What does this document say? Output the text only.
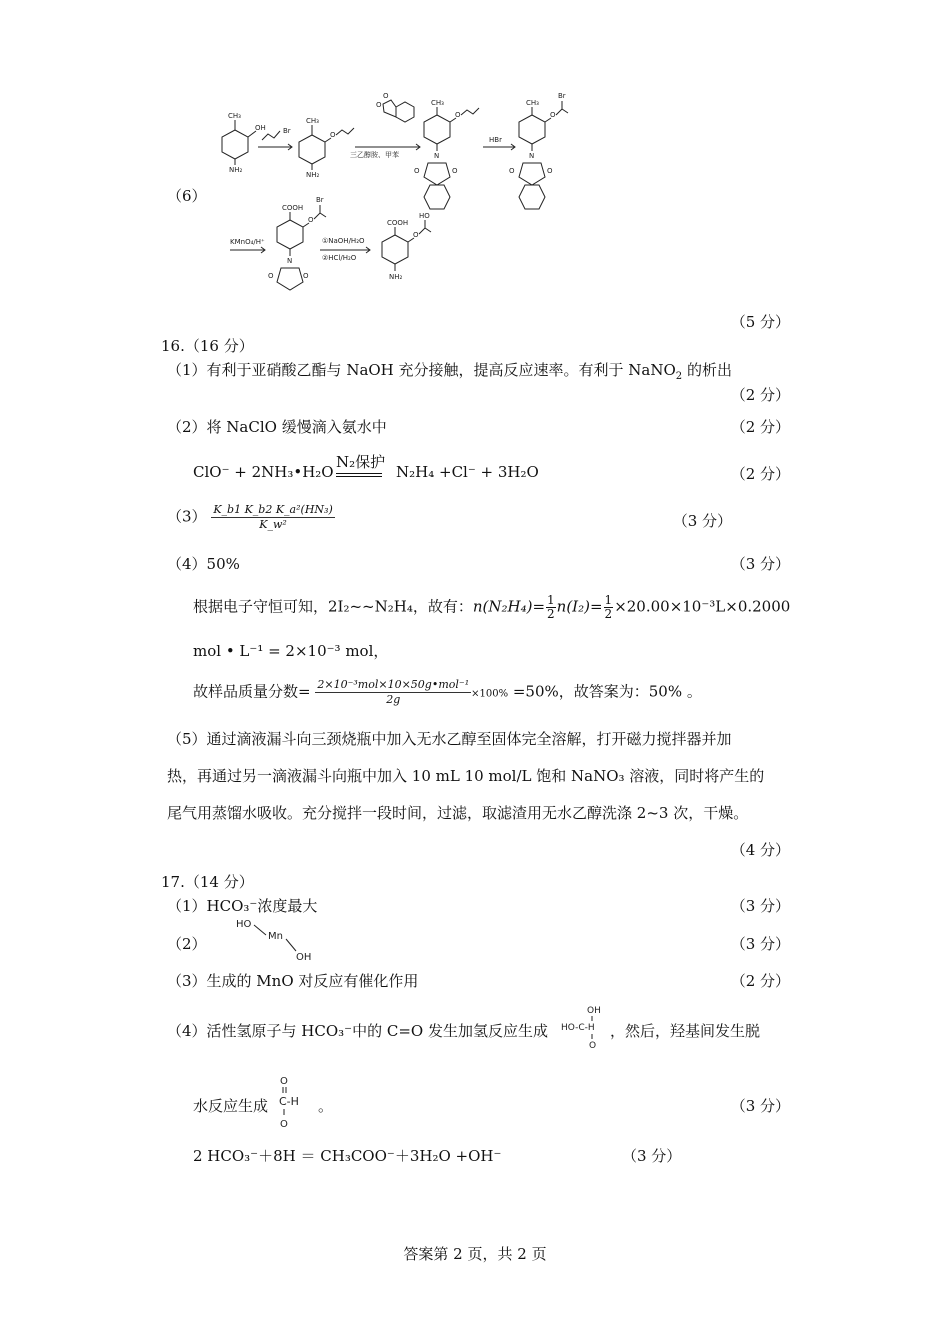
（6）
CH₃
OH
NH₂
Br
CH₃
O
NH₂
O
O
三乙醇胺、甲苯
CH₃
O
N
O	O
HBr
CH₃
O
Br
N
O	O
KMnO₄/H⁺
COOH
O
Br
N
O	O
①NaOH/H₂O
②HCl/H₂O
COOH
O
HO
NH₂
（5 分）
16.（16 分）
（1）有利于亚硝酸乙酯与 NaOH 充分接触，提高反应速率。有利于 NaNO$_2$ 的析出
（2 分）
（2）将 NaClO 缓慢滴入氨水中	（2 分）
ClO⁻ + 2NH₃•H₂O
N₂保护
N₂H₄ +Cl⁻ + 3H₂O	（2 分）
$(3) \frac{\text{K\_b1 K\_b2 K\_a²(HN₃)}}{\text{K\_w²}}$	（3 分）
（4）50%	（3 分）
根据电子守恒可知，2I₂~~N₂H₄，故有：$n(N_2H_4)= \frac{1}{2} n(I_2)= \frac{1}{2} \times 20.00\times 10^{-3}L\times 0.2000$
mol • L⁻¹ = 2×10⁻³ mol，
故样品质量分数= 2×10⁻³mol×10×50g•mol⁻¹
2g	×100% =50%，故答案为：50% 。
（5）通过滴液漏斗向三颈烧瓶中加入无水乙醇至固体完全溶解，打开磁力搅拌器并加
热，再通过另一滴液漏斗向瓶中加入 10 mL 10 mol/L 饱和 NaNO₃ 溶液，同时将产生的
尾气用蒸馏水吸收。充分搅拌一段时间，过滤，取滤渣用无水乙醇洗涤 2~3 次，干燥。
（4 分）
17.（14 分）
（1）HCO₃⁻浓度最大	（3 分）
（2）
HO
Mn
OH
（3 分）
（3）生成的 MnO 对反应有催化作用	（2 分）
（4）活性氢原子与 HCO₃⁻中的 C=O 发生加氢反应生成	，然后，羟基间发生脱
OH
HO-C-H
O
水反应生成	。
O
C-H
O
（3 分）
2 HCO₃⁻＋8H ＝ CH₃COO⁻＋3H₂O +OH⁻	（3 分）
答案第 2 页，共 2 页
